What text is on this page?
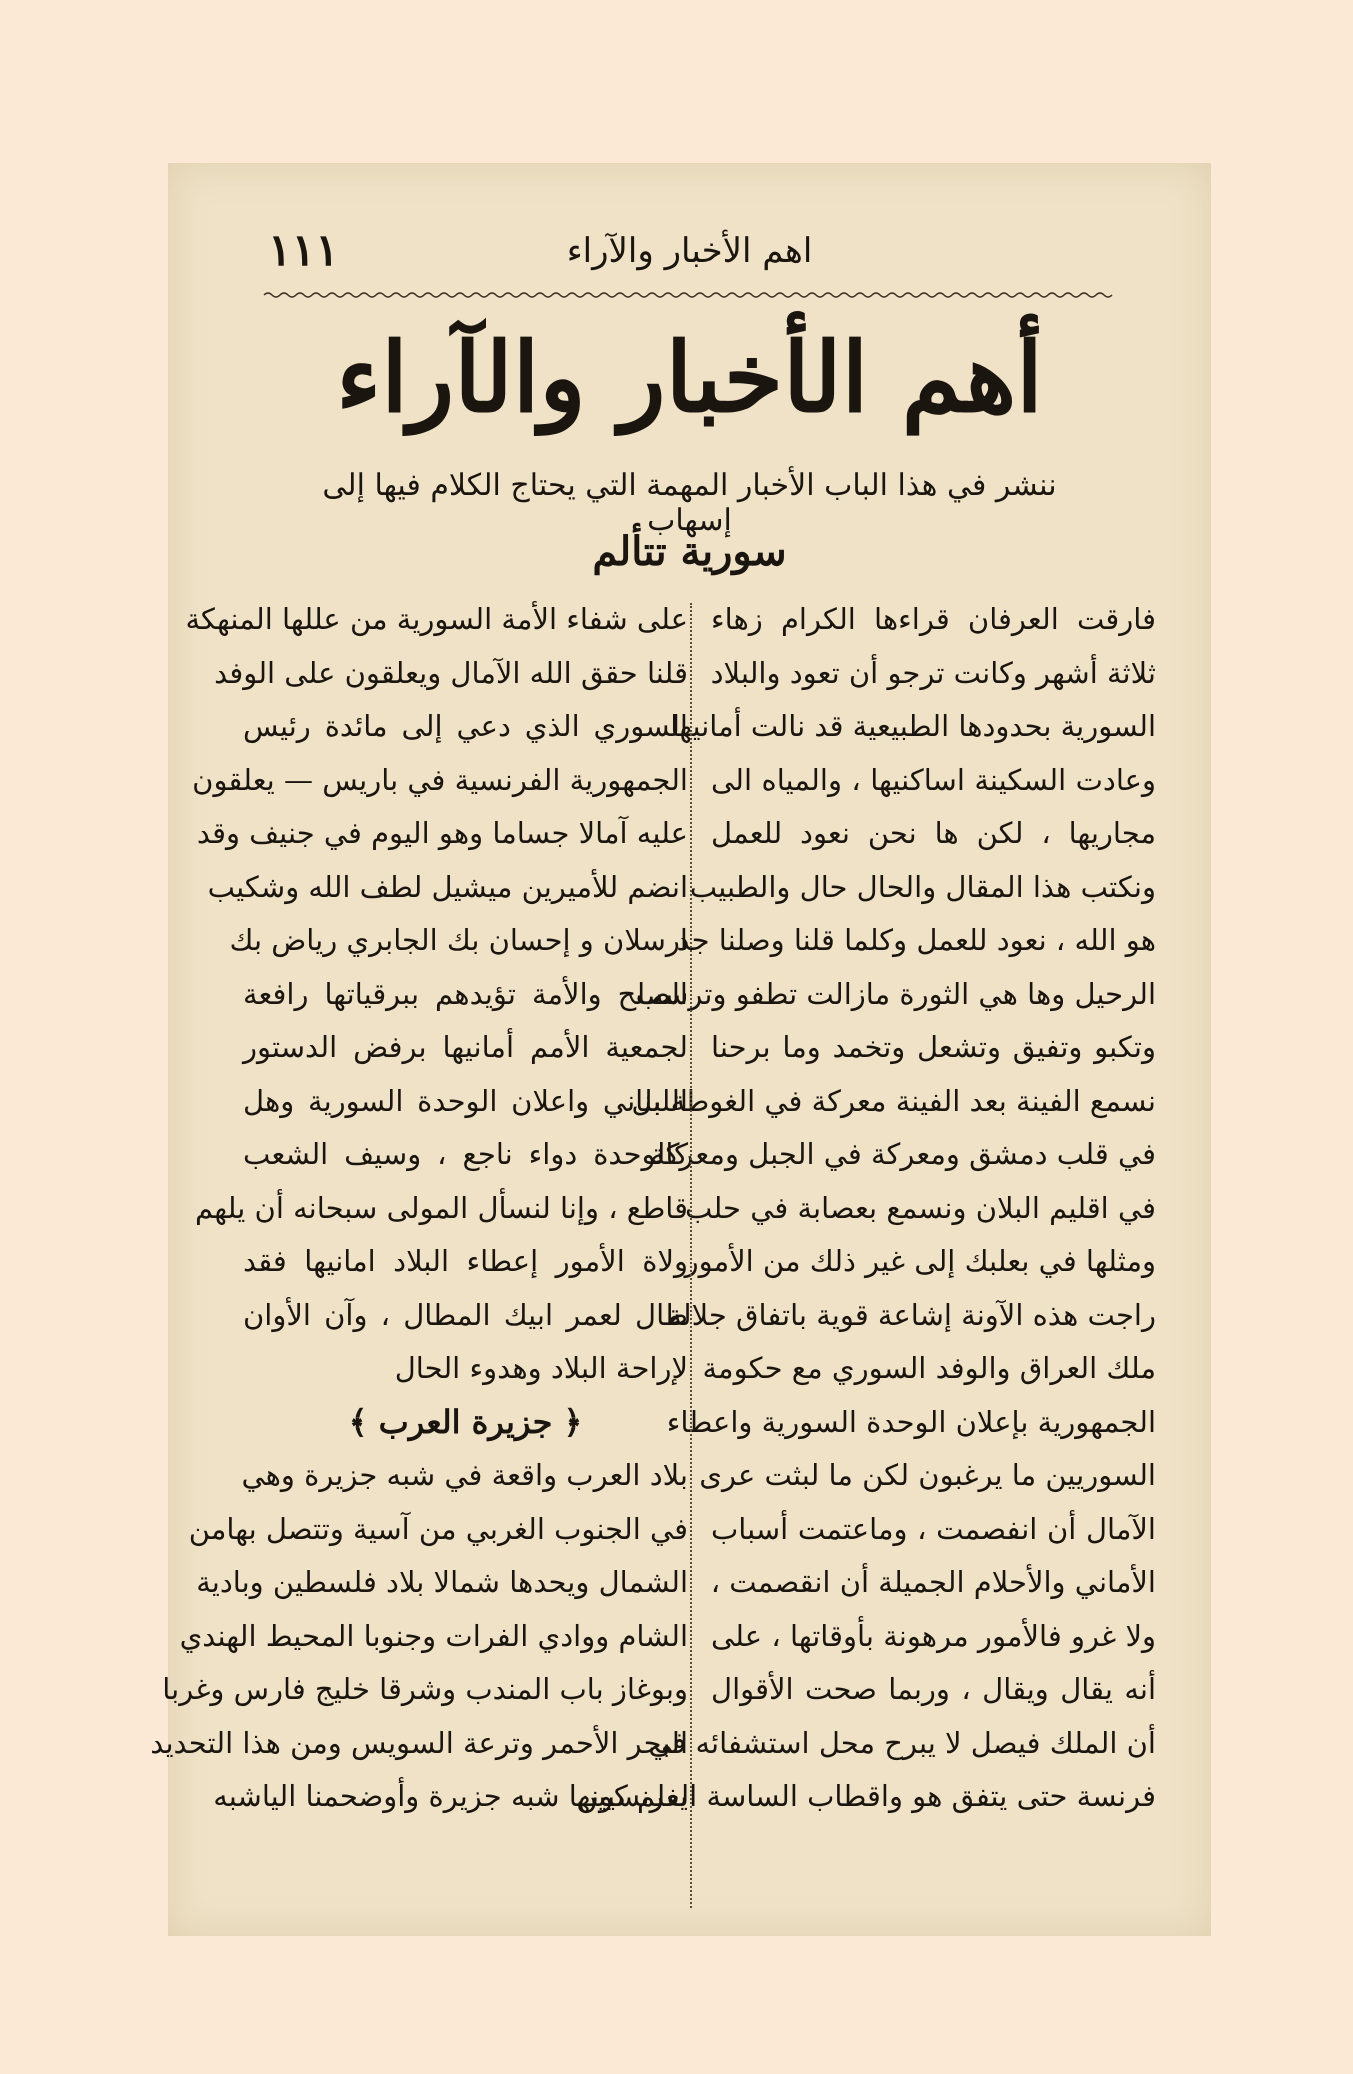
اهم الأخبار والآراء
١١١
أهم الأخبار والآراء
ننشر في هذا الباب الأخبار المهمة التي يحتاج الكلام فيها إلى إسهاب
سورية تتألم
فارقت العرفان قراءها الكرام زهاء
ثلاثة أشهر وكانت ترجو أن تعود والبلاد
السورية بحدودها الطبيعية قد نالت أمانيها
وعادت السكينة اساكنيها ، والمياه الى
مجاريها ، لكن ها نحن نعود للعمل
ونكتب هذا المقال والحال حال والطبيب
هو الله ، نعود للعمل وكلما قلنا وصلنا جد
الرحيل وها هي الثورة مازالت تطفو وترسب
وتكبو وتفيق وتشعل وتخمد وما برحنا
نسمع الفينة بعد الفينة معركة في الغوطة بل
في قلب دمشق ومعركة في الجبل ومعركة
في اقليم البلان ونسمع بعصابة في حلب
ومثلها في بعلبك إلى غير ذلك من الأمور
راجت هذه الآونة إشاعة قوية باتفاق جلالة
ملك العراق والوفد السوري مع حكومة
الجمهورية بإعلان الوحدة السورية واعطاء
السوريين ما يرغبون لكن ما لبثت عرى
الآمال أن انفصمت ، وماعتمت أسباب
الأماني والأحلام الجميلة أن انقصمت ،
ولا غرو فالأمور مرهونة بأوقاتها ، على
أنه يقال ويقال ، وربما صحت الأقوال
أن الملك فيصل لا يبرح محل استشفائه في
فرنسة حتى يتفق هو واقطاب الساسة الفرنسيين
على شفاء الأمة السورية من عللها المنهكة
قلنا حقق الله الآمال ويعلقون على الوفد
السوري الذي دعي إلى مائدة رئيس
الجمهورية الفرنسية في باريس — يعلقون
عليه آمالا جساما وهو اليوم في جنيف وقد
انضم للأميرين ميشيل لطف الله وشكيب
ارسلان و إحسان بك الجابري رياض بك
الصلح والأمة تؤيدهم ببرقياتها رافعة
لجمعية الأمم أمانيها برفض الدستور
اللبناني واعلان الوحدة السورية وهل
كالوحدة دواء ناجع ، وسيف الشعب
قاطع ، وإنا لنسأل المولى سبحانه أن يلهم
ولاة الأمور إعطاء البلاد امانيها فقد
طال لعمر ابيك المطال ، وآن الأوان
لإراحة البلاد وهدوء الحال
﴿ جزيرة العرب ﴾
بلاد العرب واقعة في شبه جزيرة وهي
في الجنوب الغربي من آسية وتتصل بهامن
الشمال ويحدها شمالا بلاد فلسطين وبادية
الشام ووادي الفرات وجنوبا المحيط الهندي
وبوغاز باب المندب وشرقا خليج فارس وغربا
البحر الأحمر وترعة السويس ومن هذا التحديد
يعلم كونها شبه جزيرة وأوضحمنا الياشبه
